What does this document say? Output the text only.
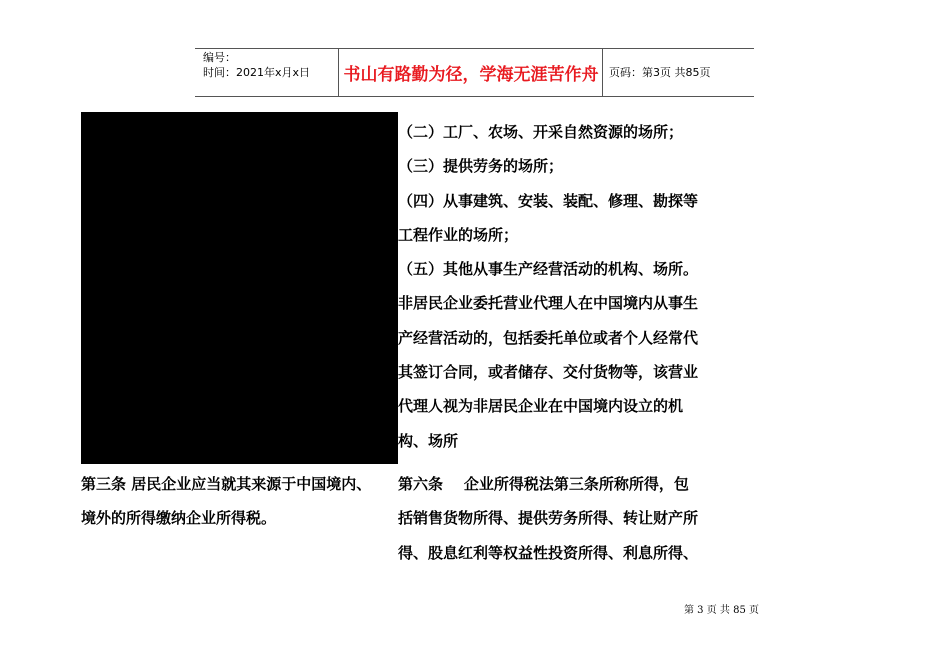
编号：
时间：2021年x月x日 书山有路勤为径，学海无涯苦作舟 页码：第3页 共85页
（二）工厂、农场、开采自然资源的场所；
（三）提供劳务的场所；
（四）从事建筑、安装、装配、修理、勘探等
工程作业的场所；
（五）其他从事生产经营活动的机构、场所。
非居民企业委托营业代理人在中国境内从事生
产经营活动的，包括委托单位或者个人经常代
其签订合同，或者储存、交付货物等，该营业
代理人视为非居民企业在中国境内设立的机
构、场所
第三条 居民企业应当就其来源于中国境内、
境外的所得缴纳企业所得税。
第六条    企业所得税法第三条所称所得，包
括销售货物所得、提供劳务所得、转让财产所
得、股息红利等权益性投资所得、利息所得、
第 3 页 共 85 页
